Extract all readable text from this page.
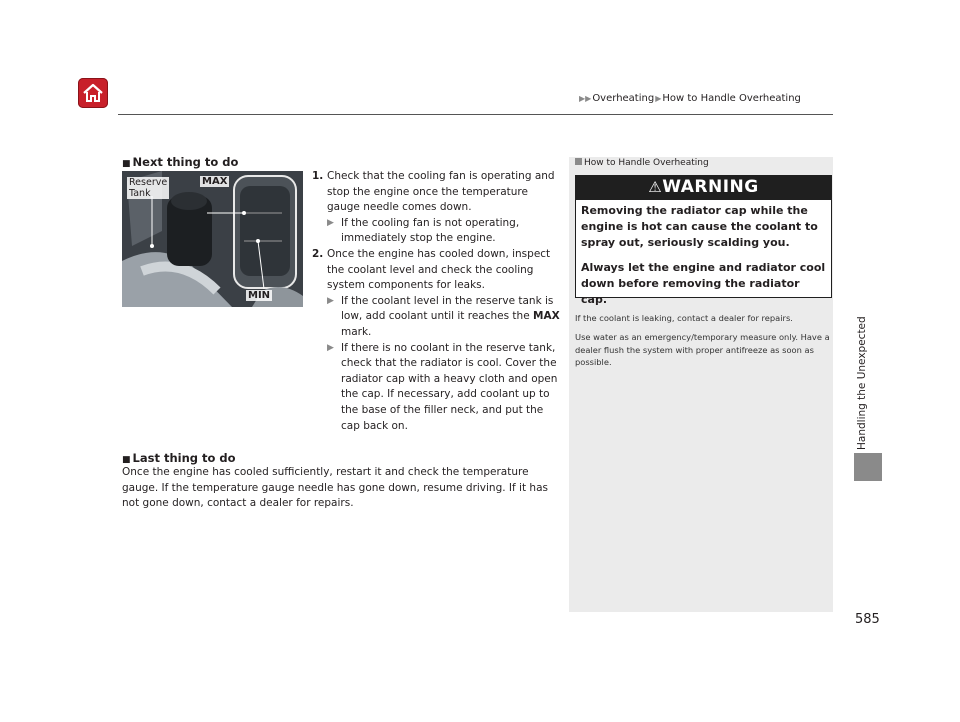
▶▶Overheating▶How to Handle Overheating
■ Next thing to do
Reserve
Tank
MAX
MIN
1. Check that the cooling fan is operating and stop the engine once the temperature gauge needle comes down.
▶ If the cooling fan is not operating, immediately stop the engine.
2. Once the engine has cooled down, inspect the coolant level and check the cooling system components for leaks.
▶ If the coolant level in the reserve tank is low, add coolant until it reaches the MAX mark.
▶ If there is no coolant in the reserve tank, check that the radiator is cool. Cover the radiator cap with a heavy cloth and open the cap. If necessary, add coolant up to the base of the filler neck, and put the cap back on.
■ Last thing to do
Once the engine has cooled sufficiently, restart it and check the temperature gauge. If the temperature gauge needle has gone down, resume driving. If it has not gone down, contact a dealer for repairs.
How to Handle Overheating
⚠WARNING
Removing the radiator cap while the engine is hot can cause the coolant to spray out, seriously scalding you.
Always let the engine and radiator cool down before removing the radiator cap.
If the coolant is leaking, contact a dealer for repairs.
Use water as an emergency/temporary measure only. Have a dealer flush the system with proper antifreeze as soon as possible.	Handling the Unexpected
585
